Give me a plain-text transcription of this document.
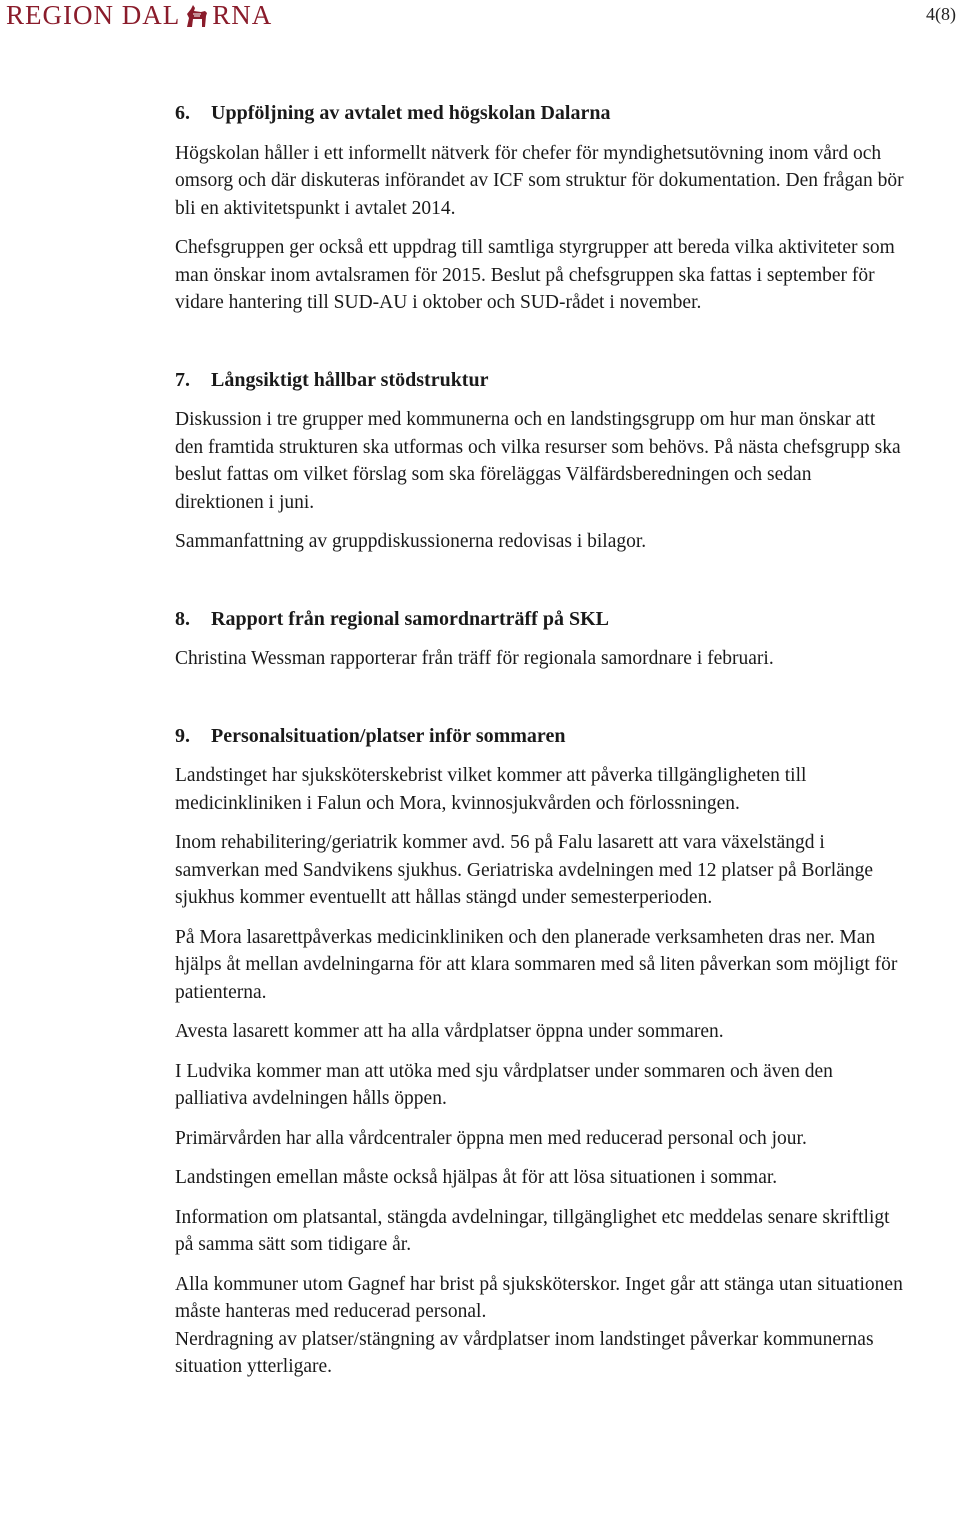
REGION DAL RNA	4(8)
6.	Uppföljning av avtalet med högskolan Dalarna

Högskolan håller i ett informellt nätverk för chefer för myndighetsutövning inom vård och omsorg och där diskuteras införandet av ICF som struktur för dokumentation. Den frågan bör bli en aktivitetspunkt i avtalet 2014.

Chefsgruppen ger också ett uppdrag till samtliga styrgrupper att bereda vilka aktiviteter som man önskar inom avtalsramen för 2015. Beslut på chefsgruppen ska fattas i september för vidare hantering till SUD-AU i oktober och SUD-rådet i november.

7.	Långsiktigt hållbar stödstruktur

Diskussion i tre grupper med kommunerna och en landstingsgrupp om hur man önskar att den framtida strukturen ska utformas och vilka resurser som behövs. På nästa chefsgrupp ska beslut fattas om vilket förslag som ska föreläggas Välfärdsberedningen och sedan direktionen i juni.

Sammanfattning av gruppdiskussionerna redovisas i bilagor.

8.	Rapport från regional samordnarträff på SKL

Christina Wessman rapporterar från träff för regionala samordnare i februari.

9.	Personalsituation/platser inför sommaren

Landstinget har sjuksköterskebrist vilket kommer att påverka tillgängligheten till medicinkliniken i Falun och Mora, kvinnosjukvården och förlossningen.

Inom rehabilitering/geriatrik kommer avd. 56 på Falu lasarett att vara växelstängd i samverkan med Sandvikens sjukhus. Geriatriska avdelningen med 12 platser på Borlänge sjukhus kommer eventuellt att hållas stängd under semesterperioden.

På Mora lasarettpåverkas medicinkliniken och den planerade verksamheten dras ner. Man hjälps åt mellan avdelningarna för att klara sommaren med så liten påverkan som möjligt för patienterna.

Avesta lasarett kommer att ha alla vårdplatser öppna under sommaren.

I Ludvika kommer man att utöka med sju vårdplatser under sommaren och även den palliativa avdelningen hålls öppen.

Primärvården har alla vårdcentraler öppna men med reducerad personal och jour.

Landstingen emellan måste också hjälpas åt för att lösa situationen i sommar.

Information om platsantal, stängda avdelningar, tillgänglighet etc meddelas senare skriftligt på samma sätt som tidigare år.

Alla kommuner utom Gagnef har brist på sjuksköterskor. Inget går att stänga utan situationen måste hanteras med reducerad personal.

Nerdragning av platser/stängning av vårdplatser inom landstinget påverkar kommunernas situation ytterligare.
